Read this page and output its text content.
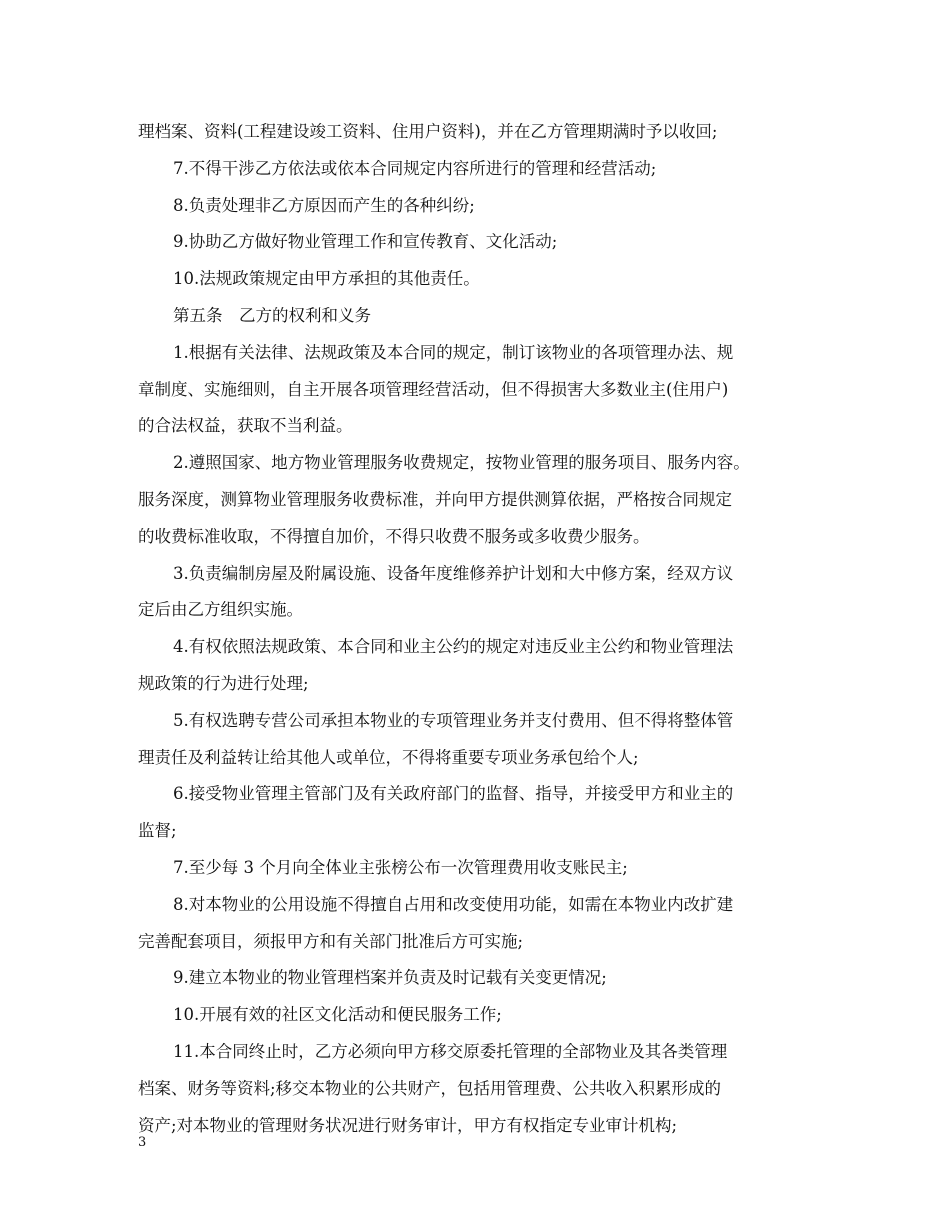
理档案、资料(工程建设竣工资料、住用户资料)，并在乙方管理期满时予以收回;
7.不得干涉乙方依法或依本合同规定内容所进行的管理和经营活动;
8.负责处理非乙方原因而产生的各种纠纷;
9.协助乙方做好物业管理工作和宣传教育、文化活动;
10.法规政策规定由甲方承担的其他责任。
第五条　乙方的权利和义务
1.根据有关法律、法规政策及本合同的规定，制订该物业的各项管理办法、规
章制度、实施细则，自主开展各项管理经营活动，但不得损害大多数业主(住用户)
的合法权益，获取不当利益。
2.遵照国家、地方物业管理服务收费规定，按物业管理的服务项目、服务内容。
服务深度，测算物业管理服务收费标准，并向甲方提供测算依据，严格按合同规定
的收费标准收取，不得擅自加价，不得只收费不服务或多收费少服务。
3.负责编制房屋及附属设施、设备年度维修养护计划和大中修方案，经双方议
定后由乙方组织实施。
4.有权依照法规政策、本合同和业主公约的规定对违反业主公约和物业管理法
规政策的行为进行处理;
5.有权选聘专营公司承担本物业的专项管理业务并支付费用、但不得将整体管
理责任及利益转让给其他人或单位，不得将重要专项业务承包给个人;
6.接受物业管理主管部门及有关政府部门的监督、指导，并接受甲方和业主的
监督;
7.至少每 3 个月向全体业主张榜公布一次管理费用收支账民主;
8.对本物业的公用设施不得擅自占用和改变使用功能，如需在本物业内改扩建
完善配套项目，须报甲方和有关部门批准后方可实施;
9.建立本物业的物业管理档案并负责及时记载有关变更情况;
10.开展有效的社区文化活动和便民服务工作;
11.本合同终止时，乙方必须向甲方移交原委托管理的全部物业及其各类管理
档案、财务等资料;移交本物业的公共财产，包括用管理费、公共收入积累形成的
资产;对本物业的管理财务状况进行财务审计，甲方有权指定专业审计机构;
3
